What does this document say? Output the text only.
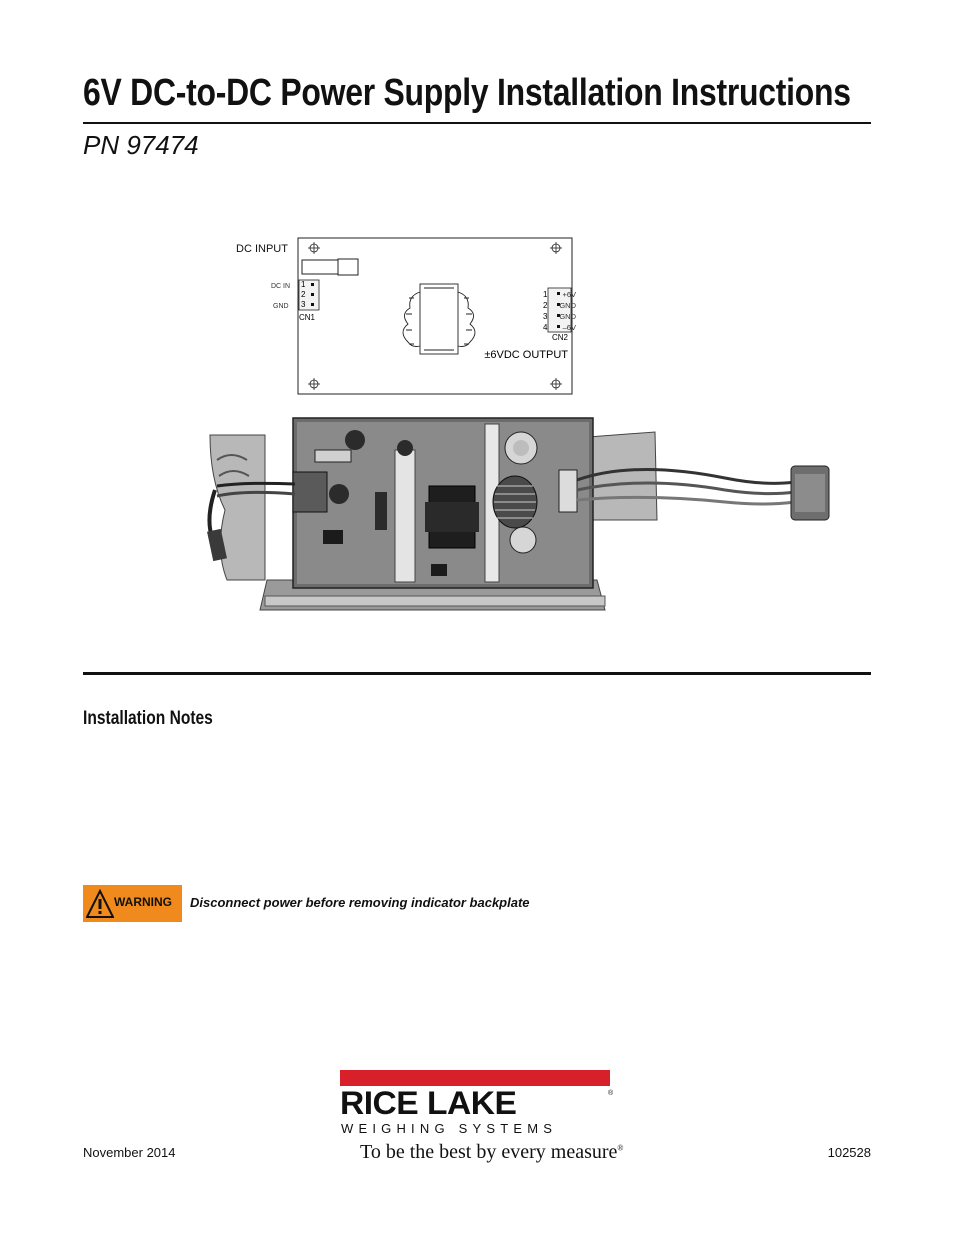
6V DC-to-DC Power Supply Installation Instructions
PN 97474
DC INPUT
1
2
3
DC IN
GND
CN1
1
2
3
4
+6V
GND
GND
–6V
CN2
±6VDC OUTPUT
Installation Notes
WARNING Disconnect power before removing indicator backplate
November 2014	102528
RICE LAKE	®
WEIGHING SYSTEMS
To be the best by every measure®
